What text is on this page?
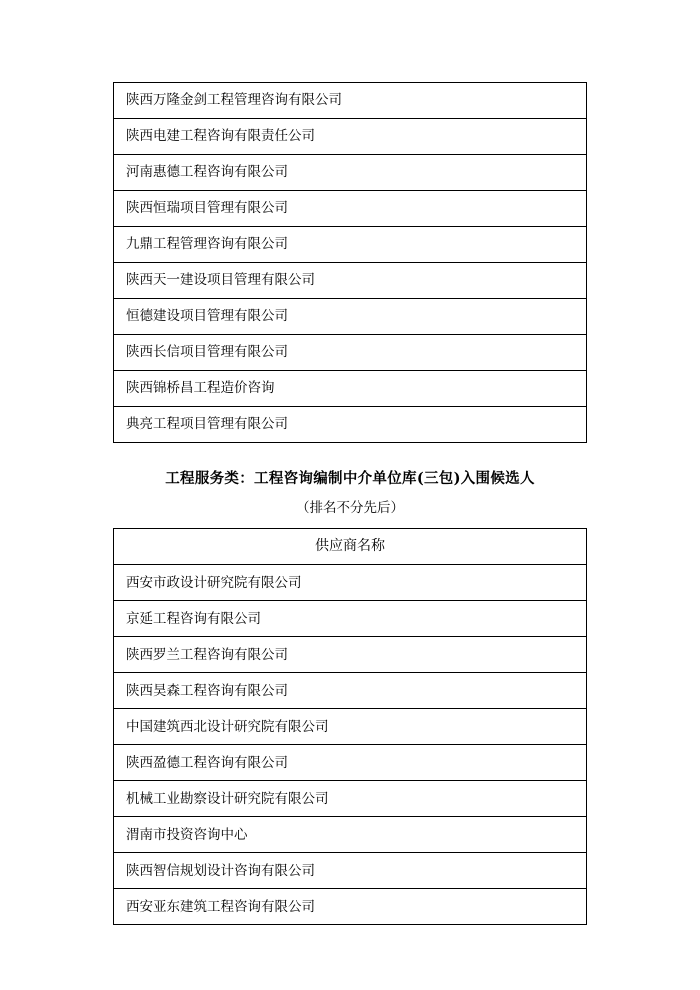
陕西万隆金剑工程管理咨询有限公司
陕西电建工程咨询有限责任公司
河南惠德工程咨询有限公司
陕西恒瑞项目管理有限公司
九鼎工程管理咨询有限公司
陕西天一建设项目管理有限公司
恒德建设项目管理有限公司
陕西长信项目管理有限公司
陕西锦桥昌工程造价咨询
典亮工程项目管理有限公司
工程服务类：工程咨询编制中介单位库(三包)入围候选人
（排名不分先后）
供应商名称
西安市政设计研究院有限公司
京延工程咨询有限公司
陕西罗兰工程咨询有限公司
陕西昊森工程咨询有限公司
中国建筑西北设计研究院有限公司
陕西盈德工程咨询有限公司
机械工业勘察设计研究院有限公司
渭南市投资咨询中心
陕西智信规划设计咨询有限公司
西安亚东建筑工程咨询有限公司
